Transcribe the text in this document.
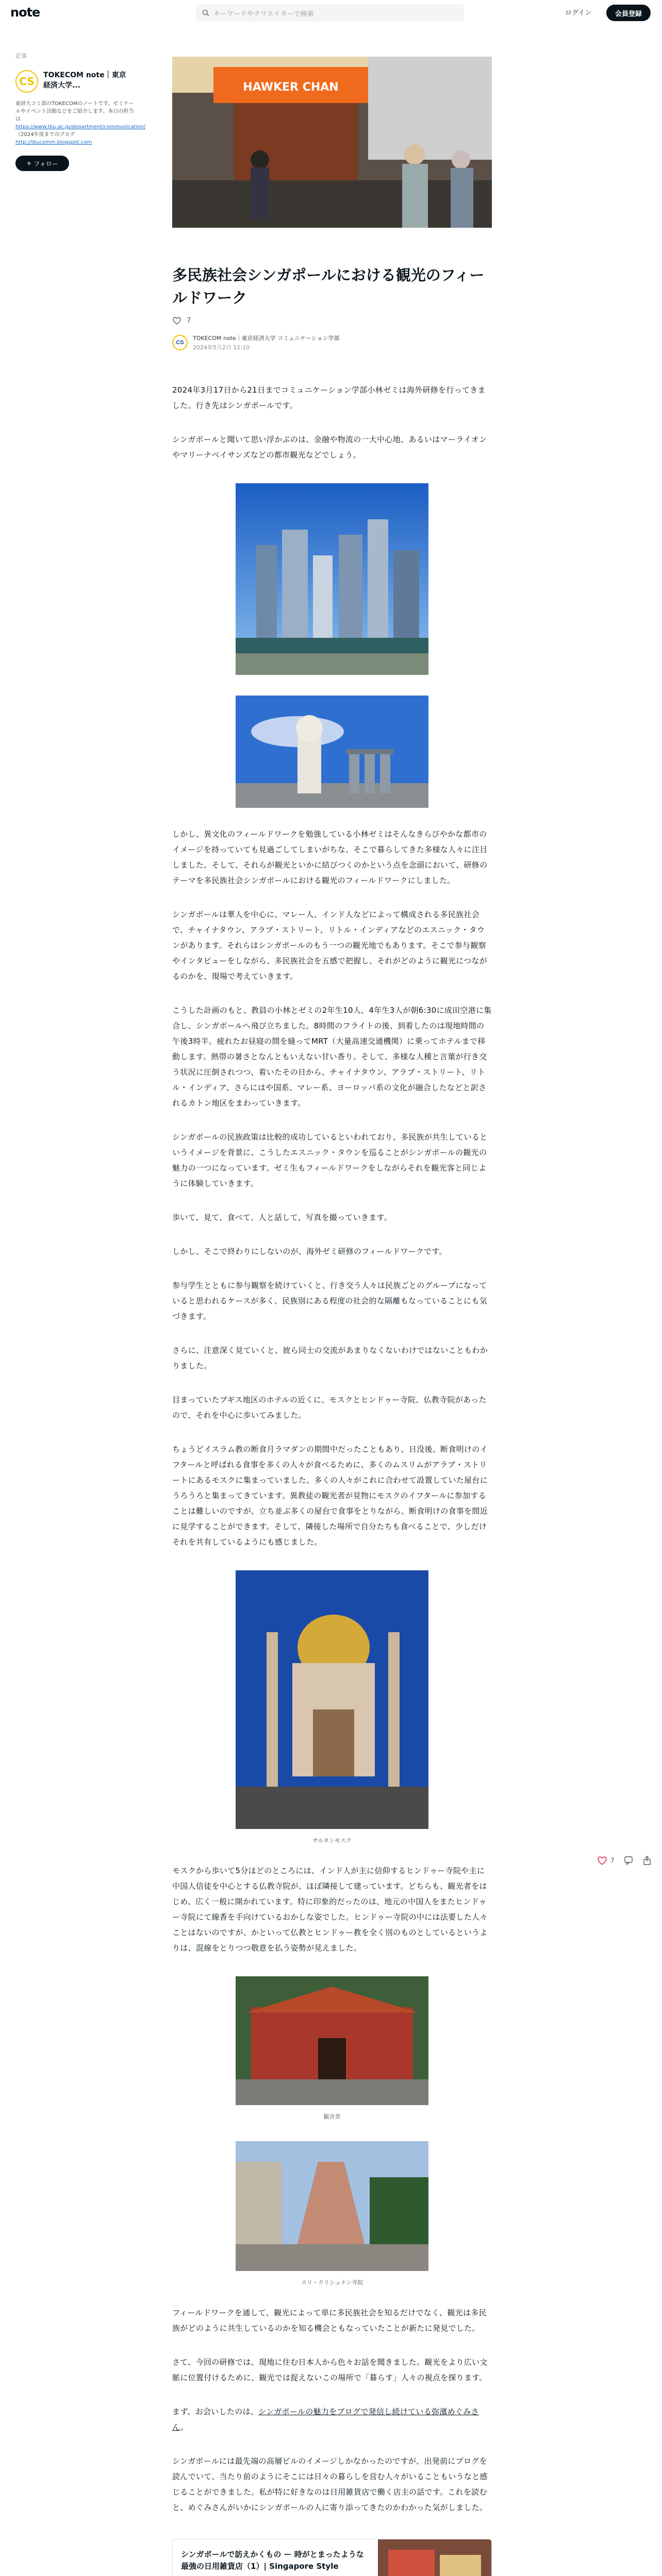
note	キーワードやクリエイターで検索	ログイン	会員登録
記事
CS TOKECOM note｜東京経済大学...
東経大コミ部のTOKECOMのノートです。ゼミナールやイベント活動などをご紹介します。本日の担当は https://www.tku.ac.jp/department/communication/ （2024年度までのブログ
http://tkucomm.blogspot.com
+ フォロー
HAWKER CHAN
多民族社会シンガポールにおける観光のフィールドワーク
7
CS
TOKECOM note｜東京経済大学 コミュニケーション学部
2024年5月2日 11:10

2024年3月17日から21日までコミュニケーション学部小林ゼミは海外研修を行ってきました。行き先はシンガポールです。

シンガポールと聞いて思い浮かぶのは、金融や物流の一大中心地、あるいはマーライオンやマリーナベイサンズなどの都市観光などでしょう。

しかし、異文化のフィールドワークを勉強している小林ゼミはそんなきらびやかな都市のイメージを持っていても見過ごしてしまいがちな、そこで暮らしてきた多様な人々に注目しました。そして、それらが観光といかに結びつくのかという点を念頭において、研修のテーマを多民族社会シンガポールにおける観光のフィールドワークにしました。

シンガポールは華人を中心に、マレー人、インド人などによって構成される多民族社会で、チャイナタウン、アラブ・ストリート、リトル・インディアなどのエスニック・タウンがあります。それらはシンガポールのもう一つの観光地でもあります。そこで参与観察やインタビューをしながら、多民族社会を五感で把握し、それがどのように観光につながるのかを、現場で考えていきます。

こうした計画のもと、教員の小林とゼミの2年生10人、4年生3人が朝6:30に成田空港に集合し、シンガポールへ飛び立ちました。8時間のフライトの後、到着したのは現地時間の午後3時半。疲れたお昼寝の間を縫ってMRT（大量高速交通機関）に乗ってホテルまで移動します。熱帯の暑さとなんともいえない甘い香り。そして、多様な人種と言葉が行き交う状況に圧倒されつつ、着いたその日から、チャイナタウン、アラブ・ストリート、リトル・インディア、さらにはや国系、マレー系、ヨーロッパ系の文化が融合したなどと訳されるカトン地区をまわっていきます。

シンガポールの民族政策は比較的成功しているといわれており、多民族が共生しているというイメージを背景に、こうしたエスニック・タウンを巡ることがシンガポールの観光の魅力の一つになっています。ゼミ生もフィールドワークをしながらそれを観光客と同じように体験していきます。

歩いて、見て、食べて、人と話して、写真を撮っていきます。

しかし、そこで終わりにしないのが、海外ゼミ研修のフィールドワークです。

参与学生とともに参与観察を続けていくと、行き交う人々は民族ごとのグループになっていると思われるケースが多く、民族別にある程度の社会的な隔離もなっていることにも気づきます。

さらに、注意深く見ていくと、彼ら同士の交流があまりなくないわけではないこともわかりました。

目まっていたブギス地区のホテルの近くに、モスクとヒンドゥー寺院、仏教寺院があったので、それを中心に歩いてみました。

ちょうどイスラム教の断食月ラマダンの期間中だったこともあり、日没後、断食明けのイフタールと呼ばれる食事を多くの人々が食べるために、多くのムスリムがアラブ・ストリートにあるモスクに集まっていました。多くの人々がこれに合わせて設置していた屋台にうろうろと集まってきています。異教徒の観光者が見物にモスクのイフタールに参加することは難しいのですが、立ち並ぶ多くの屋台で食事をとりながら、断食明けの食事を間近に見学することができます。そして、隣接した場所で自分たちも食べることで、少しだけそれを共有しているようにも感じました。

サルタンモスク

モスクから歩いて5分ほどのところには、インド人が主に信仰するヒンドゥー寺院や主に中国人信徒を中心とする仏教寺院が、ほぼ隣接して建っています。どちらも、観光者をはじめ、広く一般に開かれています。特に印象的だったのは、地元の中国人をまたヒンドゥー寺院にて線香を手向けているおかしな姿でした。ヒンドゥー寺院の中には法要した人々ことはないのですが、かといって仏教とヒンドゥー教を全く別のものとしているというよりは、混線をとりつつ敬意を払う姿勢が見えました。

観音堂
スリ・クリシュナン寺院

フィールドワークを通して、観光によって単に多民族社会を知るだけでなく、観光は多民族がどのように共生しているのかを知る機会ともなっていたことが新たに発見でした。

さて、今回の研修では、現地に住む日本人から色々お話を聞きました。観光をより広い文脈に位置付けるために、観光では捉えないこの場所で「暮らす」人々の視点を探ります。

まず、お会いしたのは、シンガポールの魅力をブログで発信し続けている弥濱めぐみさん。

シンガポールには最先端の高層ビルのイメージしかなかったのですが、出発前にブログを読んでいて、当たり前のようにそこには日々の暮らしを営む人々がいることもいうなと感じることができました。私が特に好きなのは日用雑貨店で働く店主の話です。これを読むと、めぐみさんがいかにシンガポールの人に寄り添ってきたのかわかった気がしました。

シンガポールで訪えかくもの ー 時がとまったような最強の日用雑貨店（1）| Singapore Style
7
